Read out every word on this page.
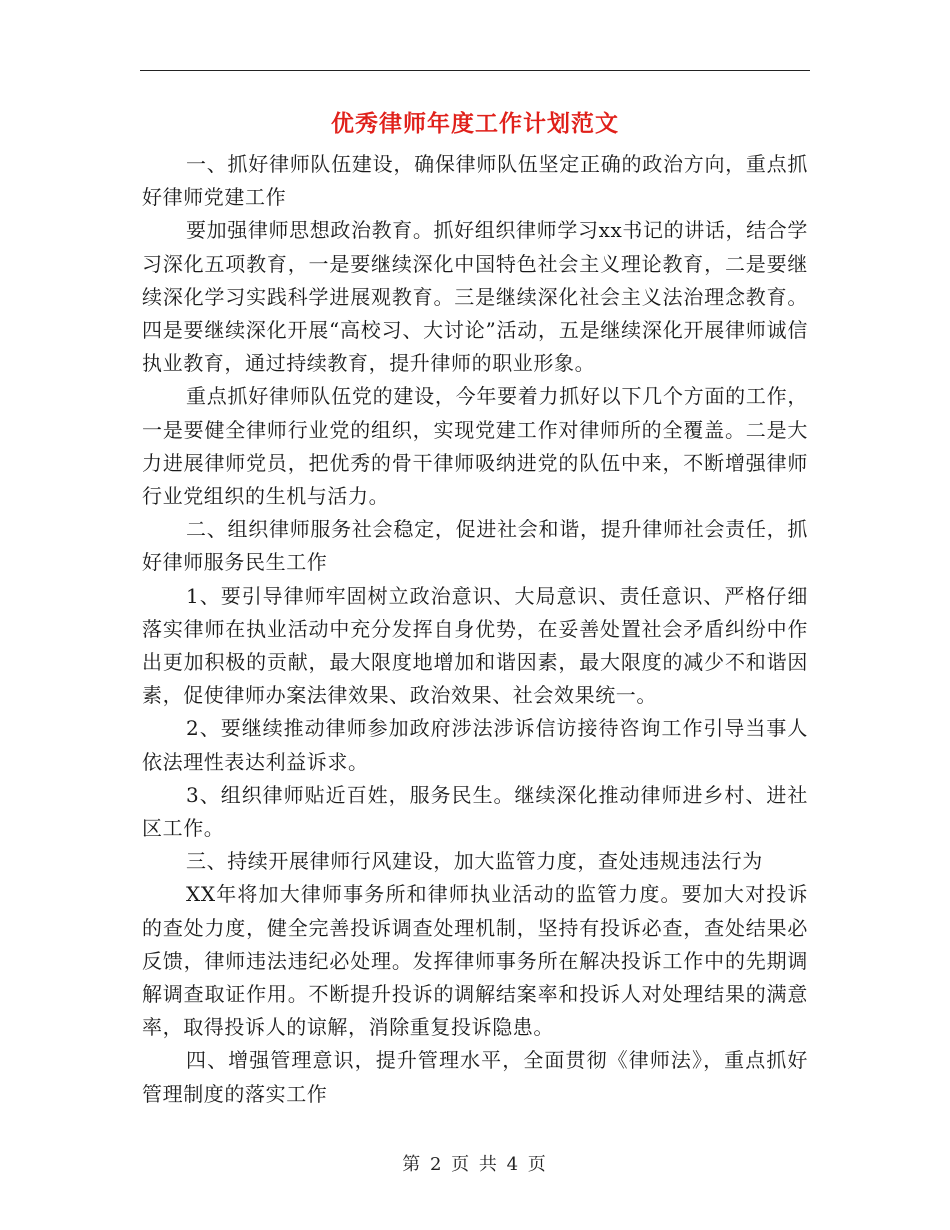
优秀律师年度工作计划范文

一、抓好律师队伍建设，确保律师队伍坚定正确的政治方向，重点抓好律师党建工作

要加强律师思想政治教育。抓好组织律师学习xx书记的讲话，结合学习深化五项教育，一是要继续深化中国特色社会主义理论教育，二是要继续深化学习实践科学进展观教育。三是继续深化社会主义法治理念教育。四是要继续深化开展“高校习、大讨论”活动，五是继续深化开展律师诚信执业教育，通过持续教育，提升律师的职业形象。

重点抓好律师队伍党的建设，今年要着力抓好以下几个方面的工作，一是要健全律师行业党的组织，实现党建工作对律师所的全覆盖。二是大力进展律师党员，把优秀的骨干律师吸纳进党的队伍中来，不断增强律师行业党组织的生机与活力。

二、组织律师服务社会稳定，促进社会和谐，提升律师社会责任，抓好律师服务民生工作

1、要引导律师牢固树立政治意识、大局意识、责任意识、严格仔细落实律师在执业活动中充分发挥自身优势，在妥善处置社会矛盾纠纷中作出更加积极的贡献，最大限度地增加和谐因素，最大限度的减少不和谐因素，促使律师办案法律效果、政治效果、社会效果统一。

2、要继续推动律师参加政府涉法涉诉信访接待咨询工作引导当事人依法理性表达利益诉求。

3、组织律师贴近百姓，服务民生。继续深化推动律师进乡村、进社区工作。

三、持续开展律师行风建设，加大监管力度，查处违规违法行为

XX年将加大律师事务所和律师执业活动的监管力度。要加大对投诉的查处力度，健全完善投诉调查处理机制，坚持有投诉必查，查处结果必反馈，律师违法违纪必处理。发挥律师事务所在解决投诉工作中的先期调解调查取证作用。不断提升投诉的调解结案率和投诉人对处理结果的满意率，取得投诉人的谅解，消除重复投诉隐患。

四、增强管理意识，提升管理水平，全面贯彻《律师法》，重点抓好管理制度的落实工作

第 2 页 共 4 页
